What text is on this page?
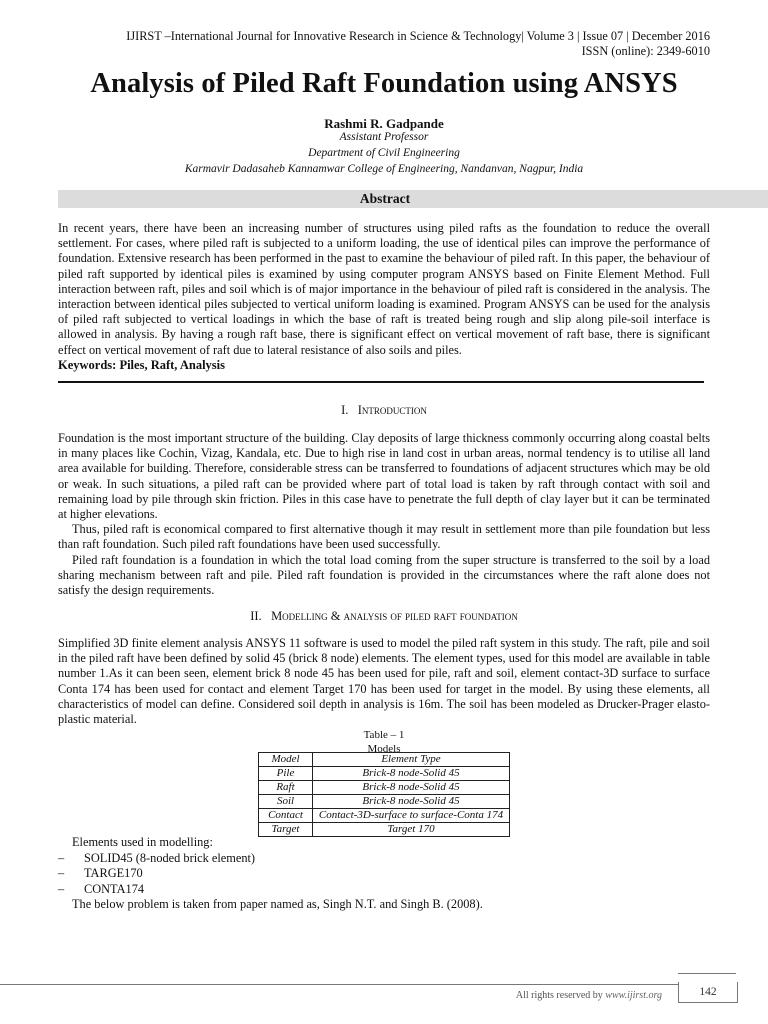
IJIRST –International Journal for Innovative Research in Science & Technology| Volume 3 | Issue 07 | December 2016
ISSN (online): 2349-6010
Analysis of Piled Raft Foundation using ANSYS
Rashmi R. Gadpande
Assistant Professor
Department of Civil Engineering
Karmavir Dadasaheb Kannamwar College of Engineering, Nandanvan, Nagpur, India
Abstract

In recent years, there have been an increasing number of structures using piled rafts as the foundation to reduce the overall settlement. For cases, where piled raft is subjected to a uniform loading, the use of identical piles can improve the performance of foundation. Extensive research has been performed in the past to examine the behaviour of piled raft. In this paper, the behaviour of piled raft supported by identical piles is examined by using computer program ANSYS based on Finite Element Method. Full interaction between raft, piles and soil which is of major importance in the behaviour of piled raft is considered in the analysis. The interaction between identical piles subjected to vertical uniform loading is examined. Program ANSYS can be used for the analysis of piled raft subjected to vertical loadings in which the base of raft is treated being rough and slip along pile-soil interface is allowed in analysis. By having a rough raft base, there is significant effect on vertical movement of raft base, there is significant effect on vertical movement of raft due to lateral resistance of also soils and piles.

Keywords: Piles, Raft, Analysis
I. Introduction

Foundation is the most important structure of the building. Clay deposits of large thickness commonly occurring along coastal belts in many places like Cochin, Vizag, Kandala, etc. Due to high rise in land cost in urban areas, normal tendency is to utilise all land area available for building. Therefore, considerable stress can be transferred to foundations of adjacent structures which may be old or weak. In such situations, a piled raft can be provided where part of total load is taken by raft through contact with soil and remaining load by pile through skin friction. Piles in this case have to penetrate the full depth of clay layer but it can be terminated at higher elevations.

Thus, piled raft is economical compared to first alternative though it may result in settlement more than pile foundation but less than raft foundation. Such piled raft foundations have been used successfully.

Piled raft foundation is a foundation in which the total load coming from the super structure is transferred to the soil by a load sharing mechanism between raft and pile. Piled raft foundation is provided in the circumstances where the raft alone does not satisfy the design requirements.

II. Modelling & analysis of piled raft foundation

Simplified 3D finite element analysis ANSYS 11 software is used to model the piled raft system in this study. The raft, pile and soil in the piled raft have been defined by solid 45 (brick 8 node) elements. The element types, used for this model are available in table number 1.As it can been seen, element brick 8 node 45 has been used for pile, raft and soil, element contact-3D surface to surface Conta 174 has been used for contact and element Target 170 has been used for target in the model. By using these elements, all characteristics of model can define. Considered soil depth in analysis is 16m. The soil has been modeled as Drucker-Prager elasto-plastic material.

Table – 1
Models
Model	Element Type
Pile	Brick-8 node-Solid 45
Raft	Brick-8 node-Solid 45
Soil	Brick-8 node-Solid 45
Contact	Contact-3D-surface to surface-Conta 174
Target	Target 170
Elements used in modelling:
–	SOLID45 (8-noded brick element)
–	TARGE170
–	CONTA174
The below problem is taken from paper named as, Singh N.T. and Singh B. (2008).
All rights reserved by www.ijirst.org	142
